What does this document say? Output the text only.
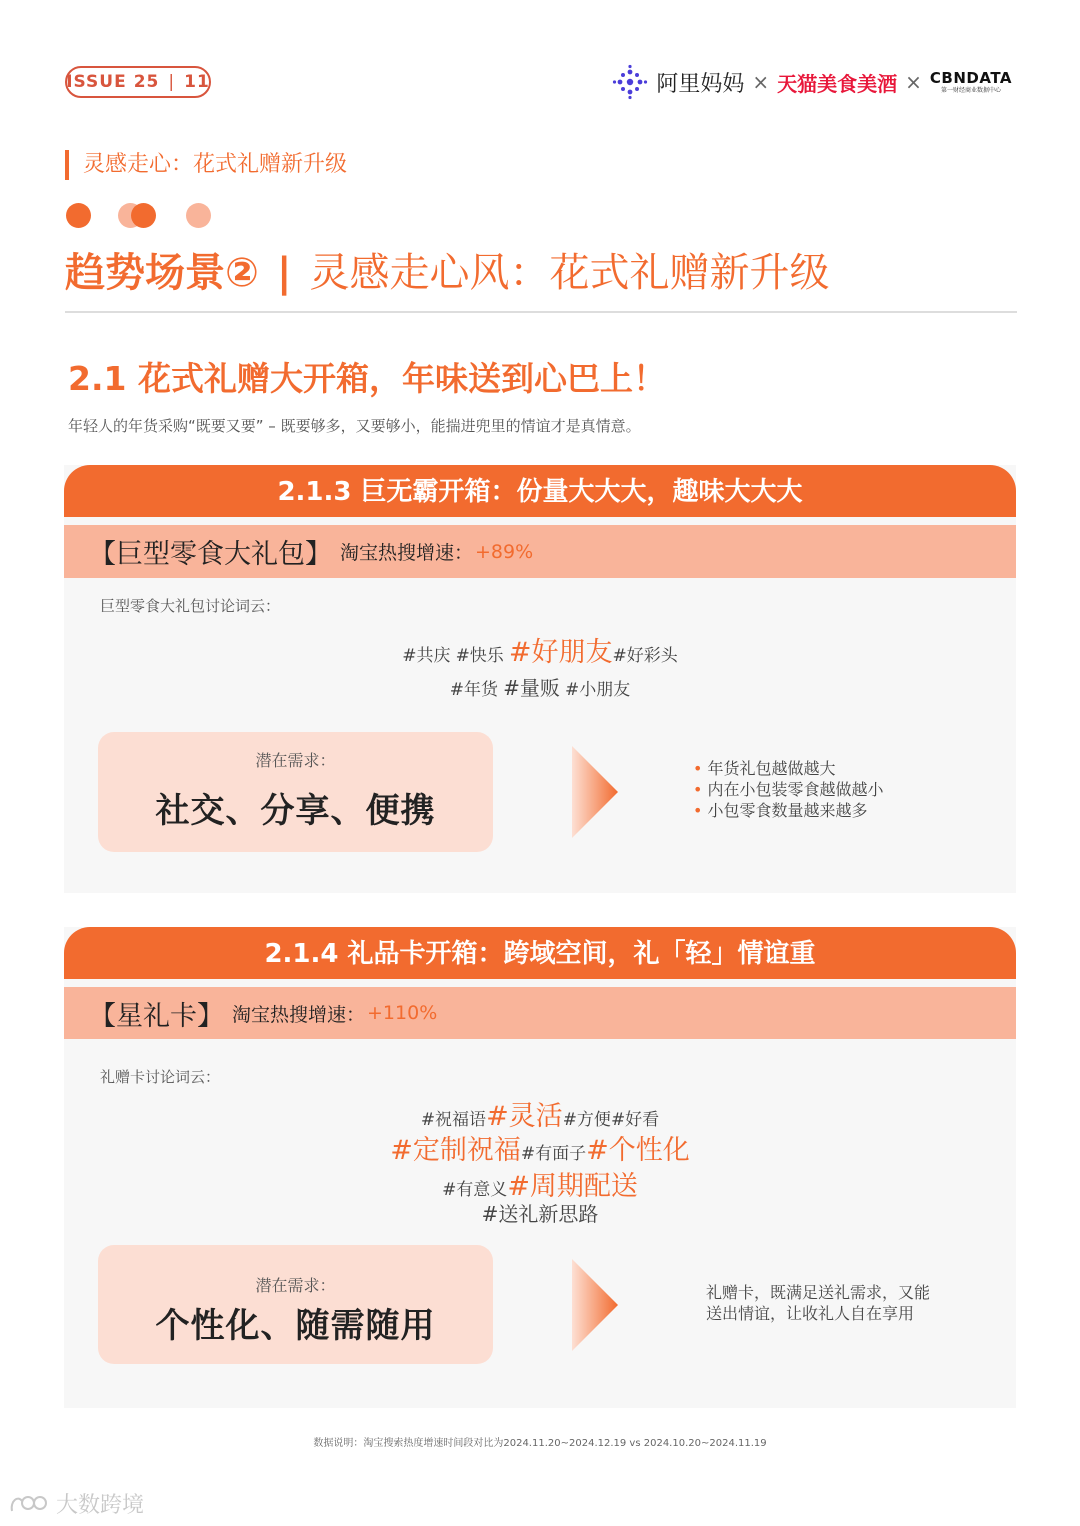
ISSUE 25 | 11	阿里妈妈 × 天猫美食美酒 × CBNDATA
第一财经商业数据中心
灵感走心：花式礼赠新升级
趋势场景② | 灵感走心风：花式礼赠新升级
2.1 花式礼赠大开箱，年味送到心巴上！
年轻人的年货采购“既要又要” – 既要够多，又要够小，能揣进兜里的情谊才是真情意。
2.1.3 巨无霸开箱：份量大大大，趣味大大大
【巨型零食大礼包】 淘宝热搜增速： +89%
巨型零食大礼包讨论词云：
#共庆 #快乐 #好朋友#好彩头
#年货 #量贩 #小朋友
潜在需求：
社交、分享、便携
• 年货礼包越做越大
• 内在小包装零食越做越小
• 小包零食数量越来越多
2.1.4 礼品卡开箱：跨域空间，礼「轻」情谊重
【星礼卡】 淘宝热搜增速： +110%
礼赠卡讨论词云：
#祝福语#灵活#方便#好看
#定制祝福#有面子#个性化
#有意义#周期配送
#送礼新思路
潜在需求：
个性化、随需随用
礼赠卡，既满足送礼需求，又能
送出情谊，让收礼人自在享用
数据说明：淘宝搜索热度增速时间段对比为2024.11.20~2024.12.19 vs 2024.10.20~2024.11.19
大数跨境
